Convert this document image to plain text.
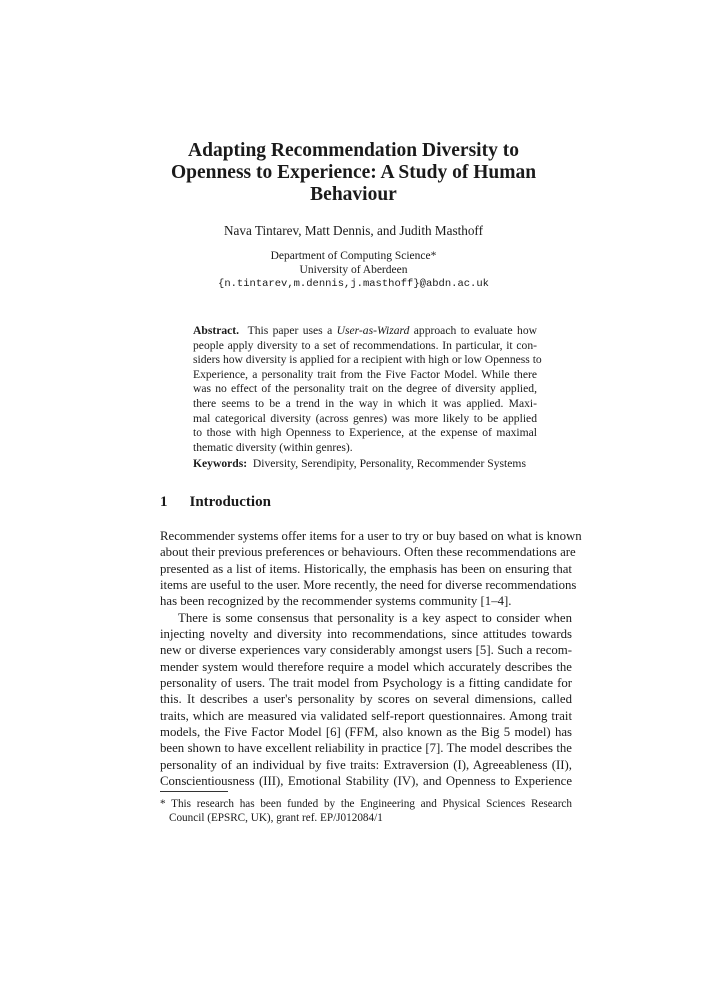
Adapting Recommendation Diversity to
Openness to Experience: A Study of Human
Behaviour
Nava Tintarev, Matt Dennis, and Judith Masthoff
Department of Computing Science*
University of Aberdeen
{n.tintarev,m.dennis,j.masthoff}@abdn.ac.uk
Abstract. This paper uses a User-as-Wizard approach to evaluate how
people apply diversity to a set of recommendations. In particular, it con-
siders how diversity is applied for a recipient with high or low Openness to
Experience, a personality trait from the Five Factor Model. While there
was no effect of the personality trait on the degree of diversity applied,
there seems to be a trend in the way in which it was applied. Maxi-
mal categorical diversity (across genres) was more likely to be applied
to those with high Openness to Experience, at the expense of maximal
thematic diversity (within genres).
Keywords: Diversity, Serendipity, Personality, Recommender Systems
1 Introduction
Recommender systems offer items for a user to try or buy based on what is known
about their previous preferences or behaviours. Often these recommendations are
presented as a list of items. Historically, the emphasis has been on ensuring that
items are useful to the user. More recently, the need for diverse recommendations
has been recognized by the recommender systems community [1–4].
There is some consensus that personality is a key aspect to consider when
injecting novelty and diversity into recommendations, since attitudes towards
new or diverse experiences vary considerably amongst users [5]. Such a recom-
mender system would therefore require a model which accurately describes the
personality of users. The trait model from Psychology is a fitting candidate for
this. It describes a user's personality by scores on several dimensions, called
traits, which are measured via validated self-report questionnaires. Among trait
models, the Five Factor Model [6] (FFM, also known as the Big 5 model) has
been shown to have excellent reliability in practice [7]. The model describes the
personality of an individual by five traits: Extraversion (I), Agreeableness (II),
Conscientiousness (III), Emotional Stability (IV), and Openness to Experience
* This research has been funded by the Engineering and Physical Sciences Research
Council (EPSRC, UK), grant ref. EP/J012084/1
